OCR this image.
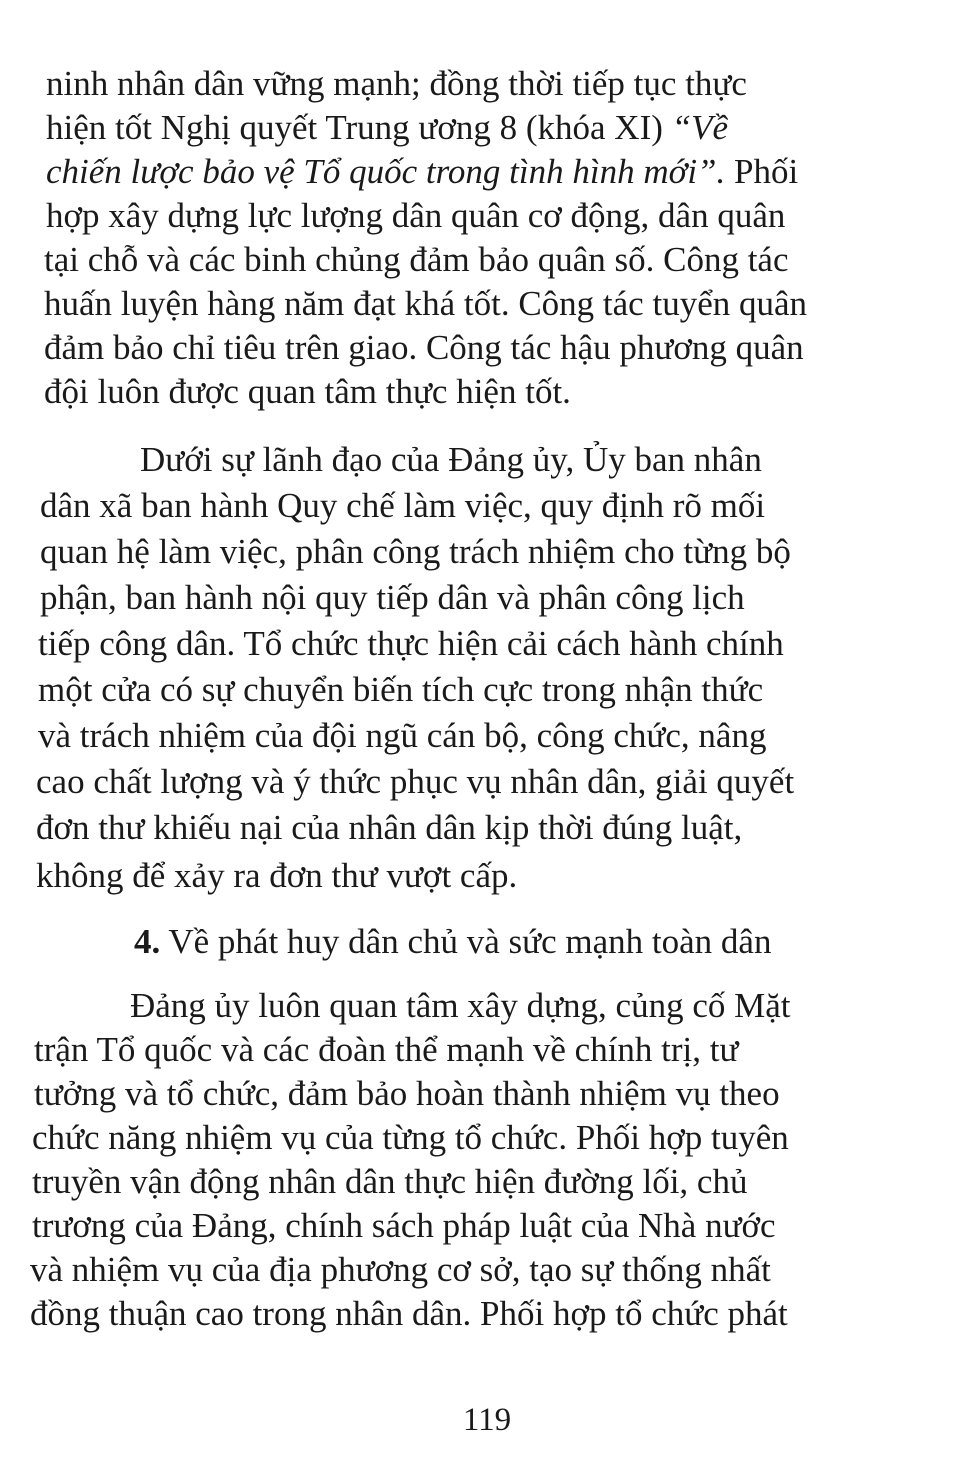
ninh nhân dân vững mạnh; đồng thời tiếp tục thực
hiện tốt Nghị quyết Trung ương 8 (khóa XI) “Về
chiến lược bảo vệ Tổ quốc trong tình hình mới”. Phối
hợp xây dựng lực lượng dân quân cơ động, dân quân
tại chỗ và các binh chủng đảm bảo quân số. Công tác
huấn luyện hàng năm đạt khá tốt. Công tác tuyển quân
đảm bảo chỉ tiêu trên giao. Công tác hậu phương quân
đội luôn được quan tâm thực hiện tốt.
Dưới sự lãnh đạo của Đảng ủy, Ủy ban nhân
dân xã ban hành Quy chế làm việc, quy định rõ mối
quan hệ làm việc, phân công trách nhiệm cho từng bộ
phận, ban hành nội quy tiếp dân và phân công lịch
tiếp công dân. Tổ chức thực hiện cải cách hành chính
một cửa có sự chuyển biến tích cực trong nhận thức
và trách nhiệm của đội ngũ cán bộ, công chức, nâng
cao chất lượng và ý thức phục vụ nhân dân, giải quyết
đơn thư khiếu nại của nhân dân kịp thời đúng luật,
không để xảy ra đơn thư vượt cấp.
4. Về phát huy dân chủ và sức mạnh toàn dân
Đảng ủy luôn quan tâm xây dựng, củng cố Mặt
trận Tổ quốc và các đoàn thể mạnh về chính trị, tư
tưởng và tổ chức, đảm bảo hoàn thành nhiệm vụ theo
chức năng nhiệm vụ của từng tổ chức. Phối hợp tuyên
truyền vận động nhân dân thực hiện đường lối, chủ
trương của Đảng, chính sách pháp luật của Nhà nước
và nhiệm vụ của địa phương cơ sở, tạo sự thống nhất
đồng thuận cao trong nhân dân. Phối hợp tổ chức phát
119
